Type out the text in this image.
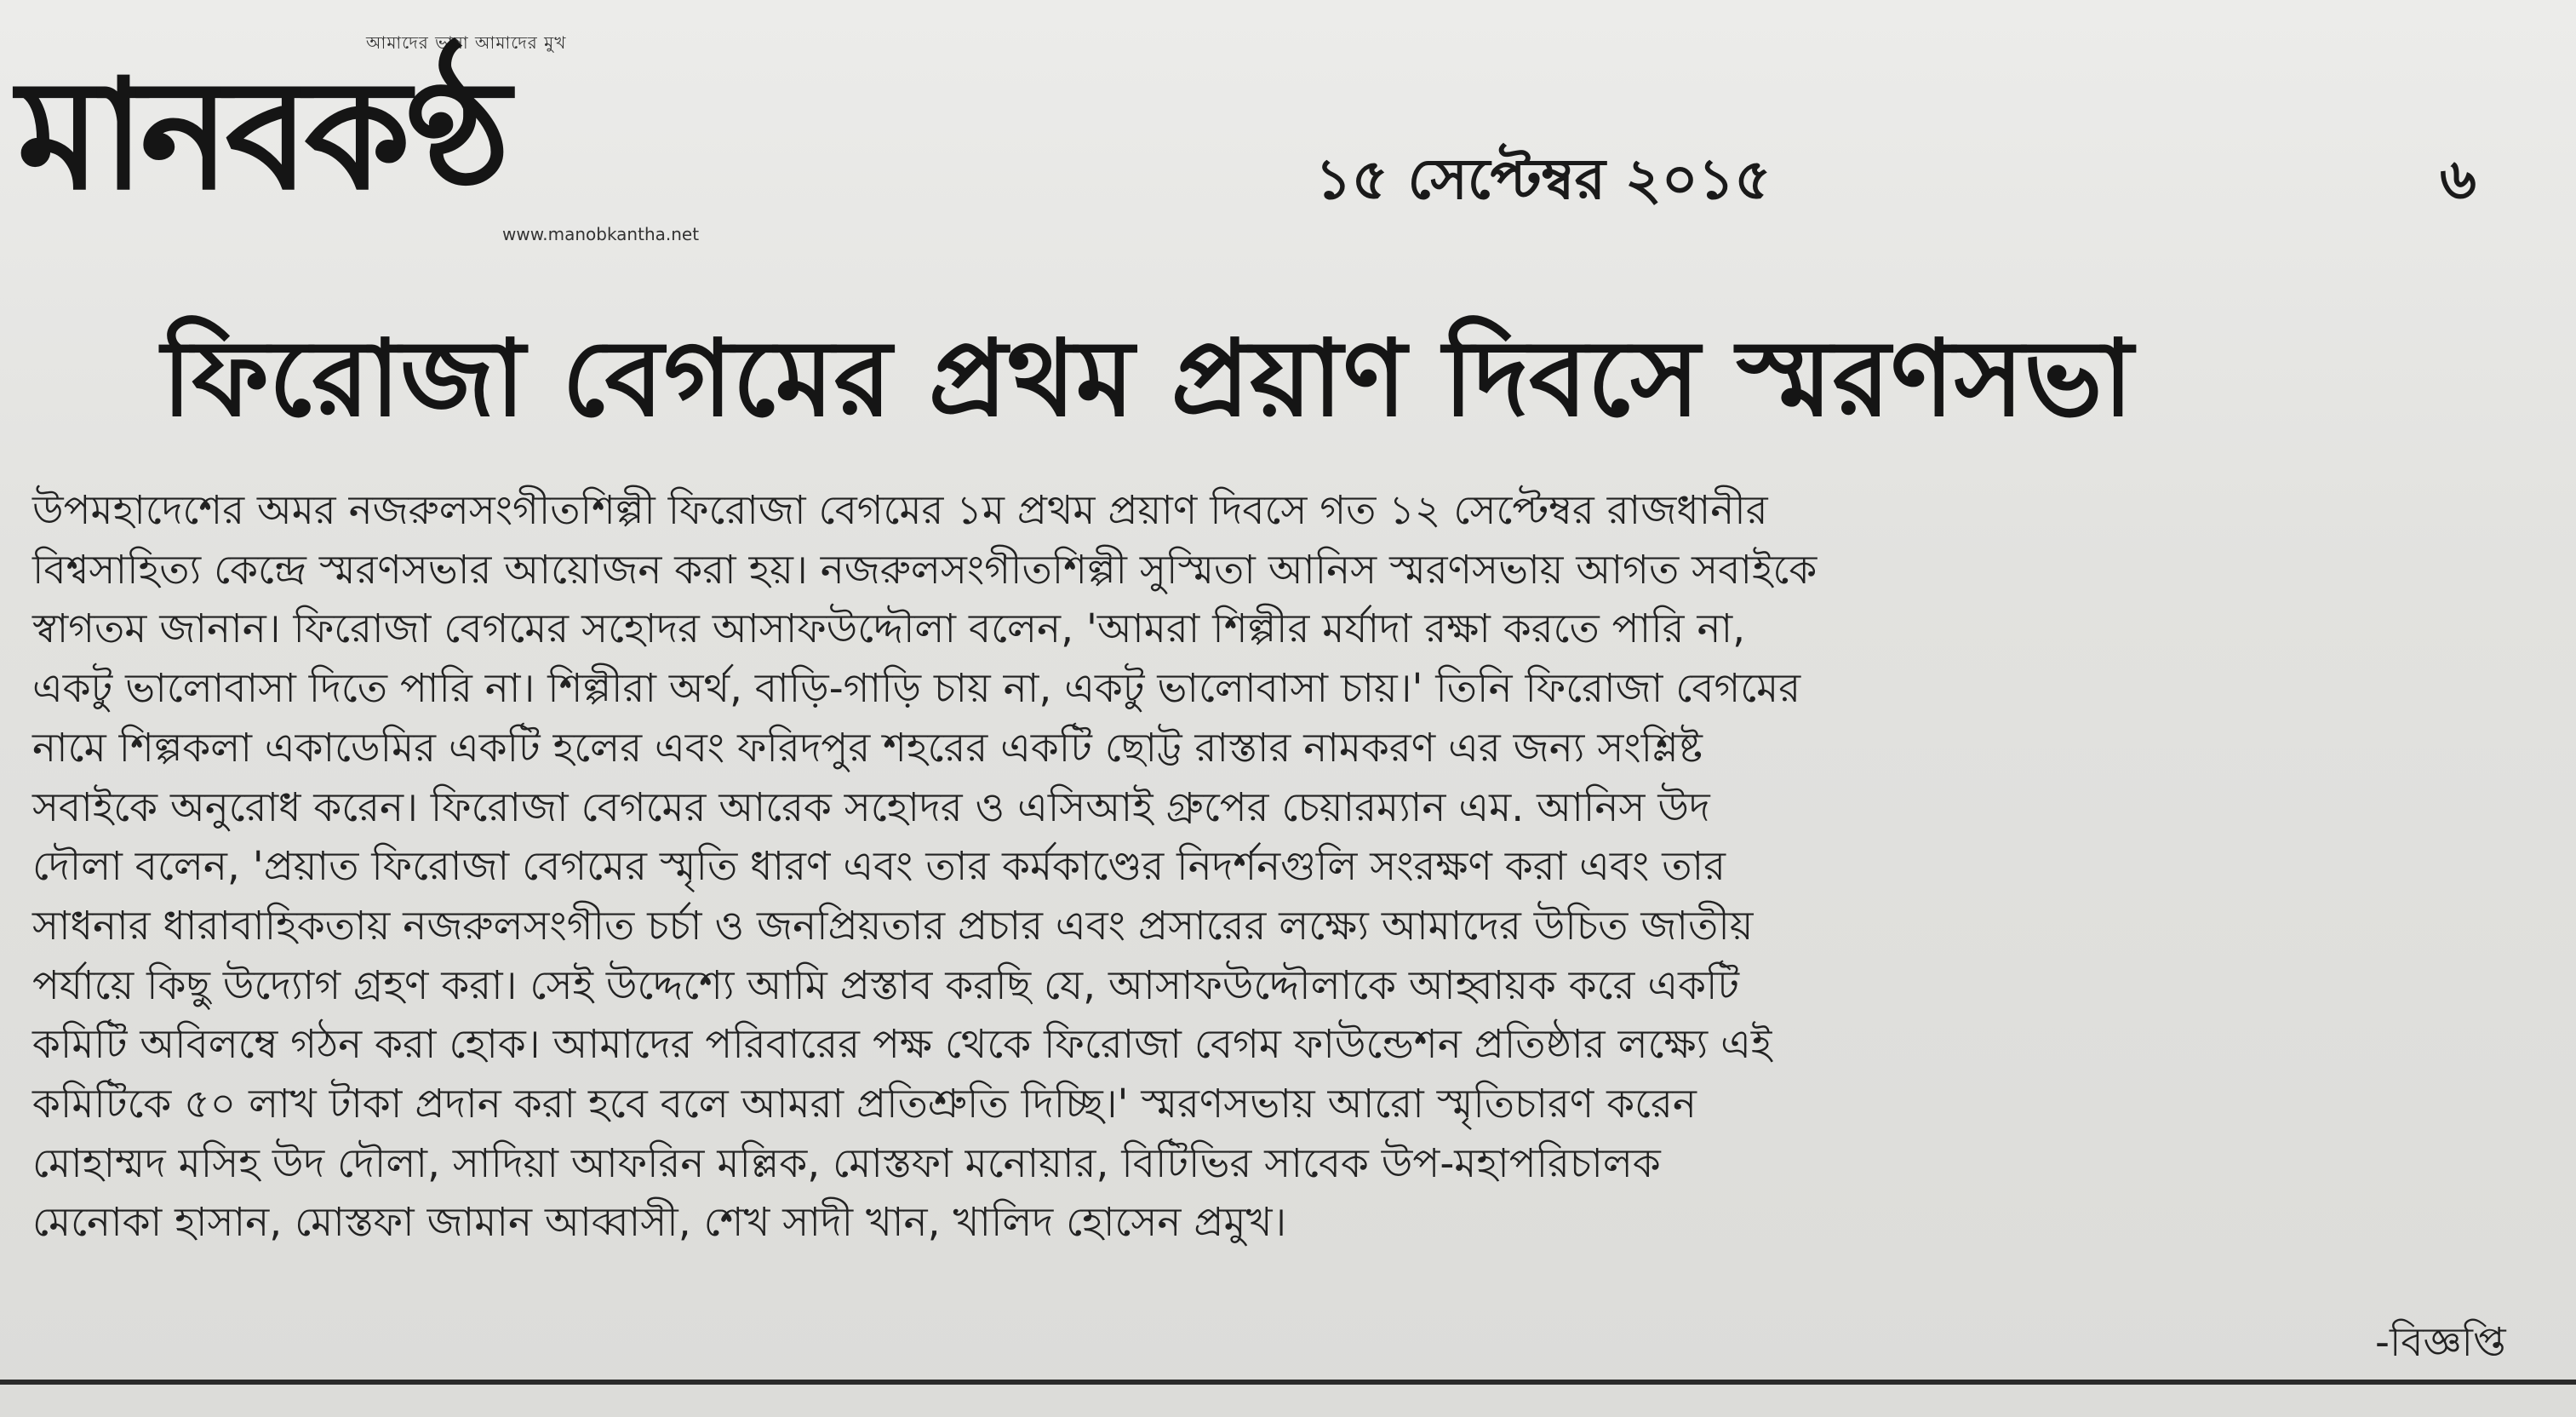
আমাদের ভাষা আমাদের মুখ
মানবকণ্ঠ
www.manobkantha.net
১৫ সেপ্টেম্বর ২০১৫	৬
ফিরোজা বেগমের প্রথম প্রয়াণ দিবসে স্মরণসভা

উপমহাদেশের অমর নজরুলসংগীতশিল্পী ফিরোজা বেগমের ১ম প্রথম প্রয়াণ দিবসে গত ১২ সেপ্টেম্বর রাজধানীর
বিশ্বসাহিত্য কেন্দ্রে স্মরণসভার আয়োজন করা হয়। নজরুলসংগীতশিল্পী সুস্মিতা আনিস স্মরণসভায় আগত সবাইকে
স্বাগতম জানান। ফিরোজা বেগমের সহোদর আসাফউদ্দৌলা বলেন, 'আমরা শিল্পীর মর্যাদা রক্ষা করতে পারি না,
একটু ভালোবাসা দিতে পারি না। শিল্পীরা অর্থ, বাড়ি-গাড়ি চায় না, একটু ভালোবাসা চায়।' তিনি ফিরোজা বেগমের
নামে শিল্পকলা একাডেমির একটি হলের এবং ফরিদপুর শহরের একটি ছোট্ট রাস্তার নামকরণ এর জন্য সংশ্লিষ্ট
সবাইকে অনুরোধ করেন। ফিরোজা বেগমের আরেক সহোদর ও এসিআই গ্রুপের চেয়ারম্যান এম. আনিস উদ
দৌলা বলেন, 'প্রয়াত ফিরোজা বেগমের স্মৃতি ধারণ এবং তার কর্মকাণ্ডের নিদর্শনগুলি সংরক্ষণ করা এবং তার
সাধনার ধারাবাহিকতায় নজরুলসংগীত চর্চা ও জনপ্রিয়তার প্রচার এবং প্রসারের লক্ষ্যে আমাদের উচিত জাতীয়
পর্যায়ে কিছু উদ্যোগ গ্রহণ করা। সেই উদ্দেশ্যে আমি প্রস্তাব করছি যে, আসাফউদ্দৌলাকে আহ্বায়ক করে একটি
কমিটি অবিলম্বে গঠন করা হোক। আমাদের পরিবারের পক্ষ থেকে ফিরোজা বেগম ফাউন্ডেশন প্রতিষ্ঠার লক্ষ্যে এই
কমিটিকে ৫০ লাখ টাকা প্রদান করা হবে বলে আমরা প্রতিশ্রুতি দিচ্ছি।' স্মরণসভায় আরো স্মৃতিচারণ করেন
মোহাম্মদ মসিহ উদ দৌলা, সাদিয়া আফরিন মল্লিক, মোস্তফা মনোয়ার, বিটিভির সাবেক উপ-মহাপরিচালক
মেনোকা হাসান, মোস্তফা জামান আব্বাসী, শেখ সাদী খান, খালিদ হোসেন প্রমুখ।

-বিজ্ঞপ্তি
